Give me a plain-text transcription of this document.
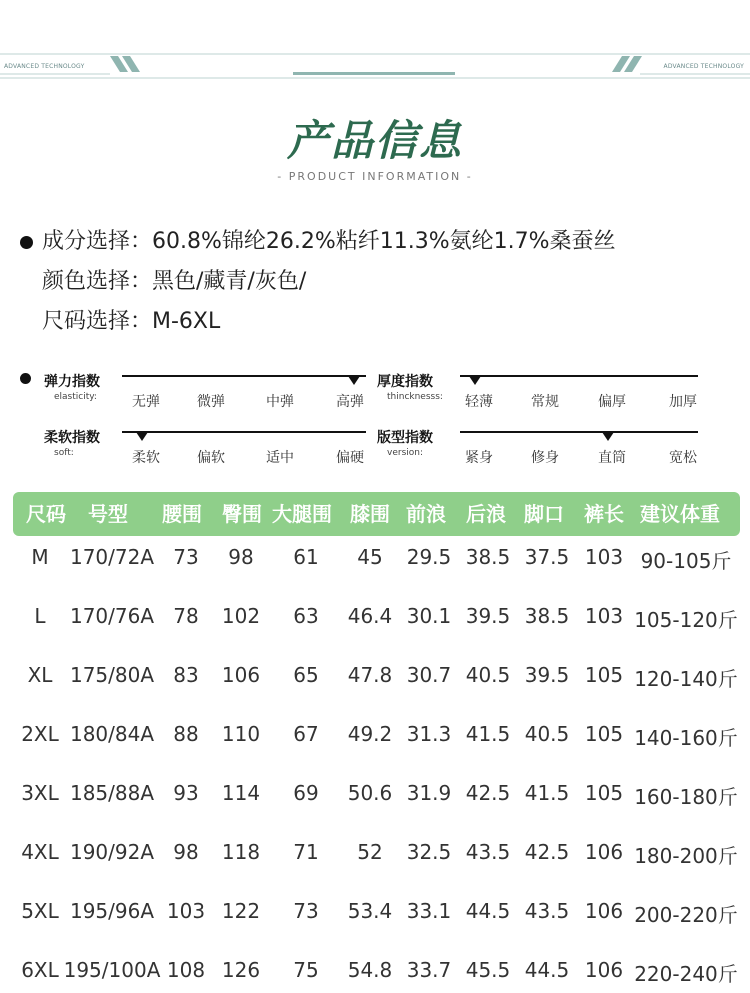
ADVANCED TECHNOLOGY	ADVANCED TECHNOLOGY
产品信息
- PRODUCT INFORMATION -
成分选择：60.8%锦纶26.2%粘纤11.3%氨纶1.7%桑蚕丝
颜色选择：黑色/藏青/灰色/
尺码选择：M-6XL
弹力指数
elasticity:	无弹	微弹	中弹	高弹
厚度指数
thincknesss: 轻薄	常规	偏厚	加厚
柔软指数
soft:	柔软	偏软	适中	偏硬
版型指数
version:	紧身	修身	直筒	宽松
尺码 号型 腰围 臀围 大腿围 膝围 前浪 后浪 脚口 裤长 建议体重
M 170/72A 73 98 61 45 29.5 38.5 37.5 103 90-105斤
L 170/76A 78 102 63 46.4 30.1 39.5 38.5 103 105-120斤
XL 175/80A 83 106 65 47.8 30.7 40.5 39.5 105 120-140斤
2XL 180/84A 88 110 67 49.2 31.3 41.5 40.5 105 140-160斤
3XL 185/88A 93 114 69 50.6 31.9 42.5 41.5 105 160-180斤
4XL 190/92A 98 118 71 52 32.5 43.5 42.5 106 180-200斤
5XL 195/96A 103 122 73 53.4 33.1 44.5 43.5 106 200-220斤
6XL 195/100A 108 126 75 54.8 33.7 45.5 44.5 106 220-240斤
